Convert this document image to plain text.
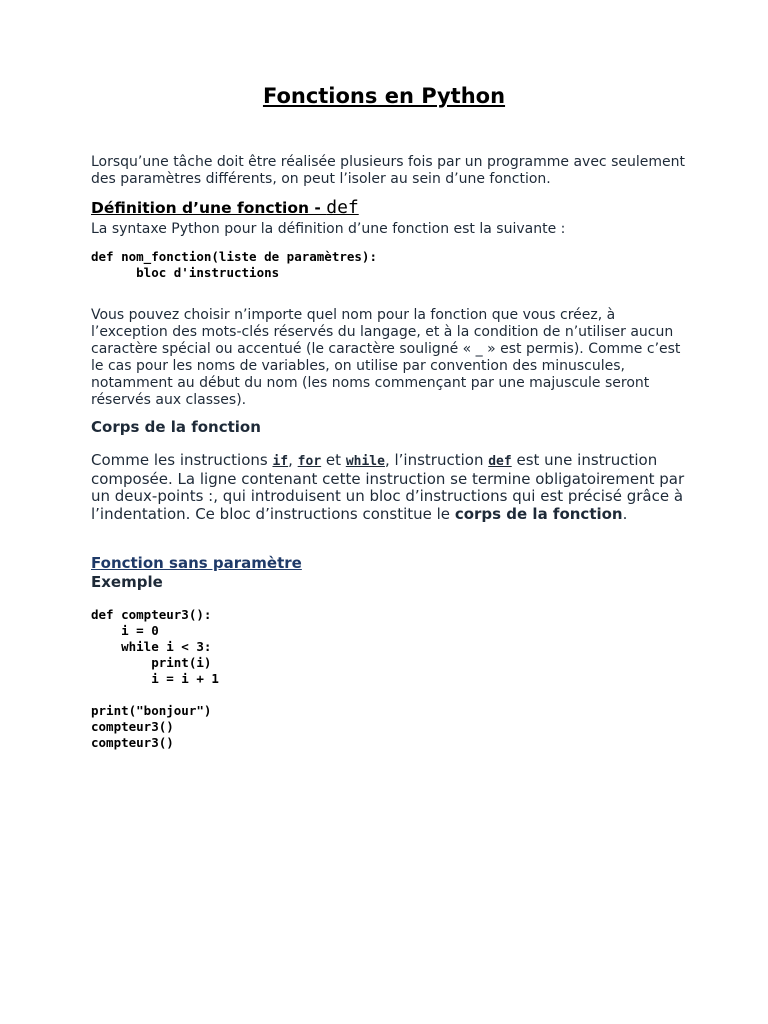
Fonctions en Python

Lorsqu’une tâche doit être réalisée plusieurs fois par un programme avec seulement des paramètres différents, on peut l’isoler au sein d’une fonction.

Définition d’une fonction - def

La syntaxe Python pour la définition d’une fonction est la suivante :

def nom_fonction(liste de paramètres):
bloc d'instructions

Vous pouvez choisir n’importe quel nom pour la fonction que vous créez, à l’exception des mots-clés réservés du langage, et à la condition de n’utiliser aucun caractère spécial ou accentué (le caractère souligné « _ » est permis). Comme c’est le cas pour les noms de variables, on utilise par convention des minuscules, notamment au début du nom (les noms commençant par une majuscule seront réservés aux classes).

Corps de la fonction

Comme les instructions if, for et while, l’instruction def est une instruction composée. La ligne contenant cette instruction se termine obligatoirement par un deux-points :, qui introduisent un bloc d’instructions qui est précisé grâce à l’indentation. Ce bloc d’instructions constitue le corps de la fonction.

Fonction sans paramètre
Exemple
def compteur3():
i = 0
while i < 3:
print(i)
i = i + 1

print("bonjour")
compteur3()
compteur3()
